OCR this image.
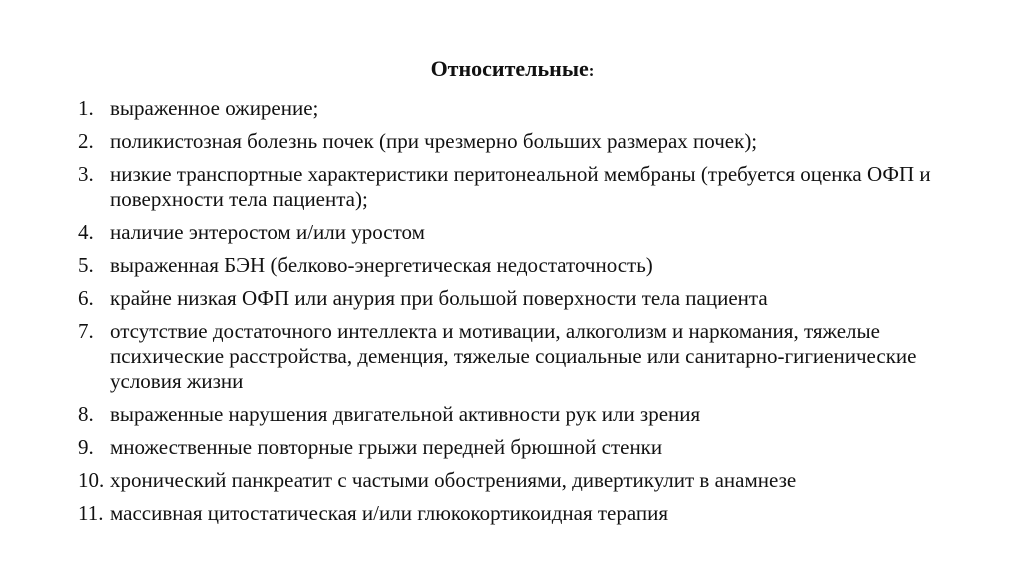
Относительные:
1. выраженное ожирение;
2. поликистозная болезнь почек (при чрезмерно больших размерах почек);
3. низкие транспортные характеристики перитонеальной мембраны (требуется оценка ОФП и поверхности тела пациента);
4. наличие энтеростом и/или уростом
5. выраженная БЭН (белково-энергетическая недостаточность)
6. крайне низкая ОФП или анурия при большой поверхности тела пациента
7. отсутствие достаточного интеллекта и мотивации, алкоголизм и наркомания, тяжелые психические расстройства, деменция, тяжелые социальные или санитарно-гигиенические условия жизни
8. выраженные нарушения двигательной активности рук или зрения
9. множественные повторные грыжи передней брюшной стенки
10. хронический панкреатит с частыми обострениями, дивертикулит в анамнезе
11. массивная цитостатическая и/или глюкокортикоидная терапия
